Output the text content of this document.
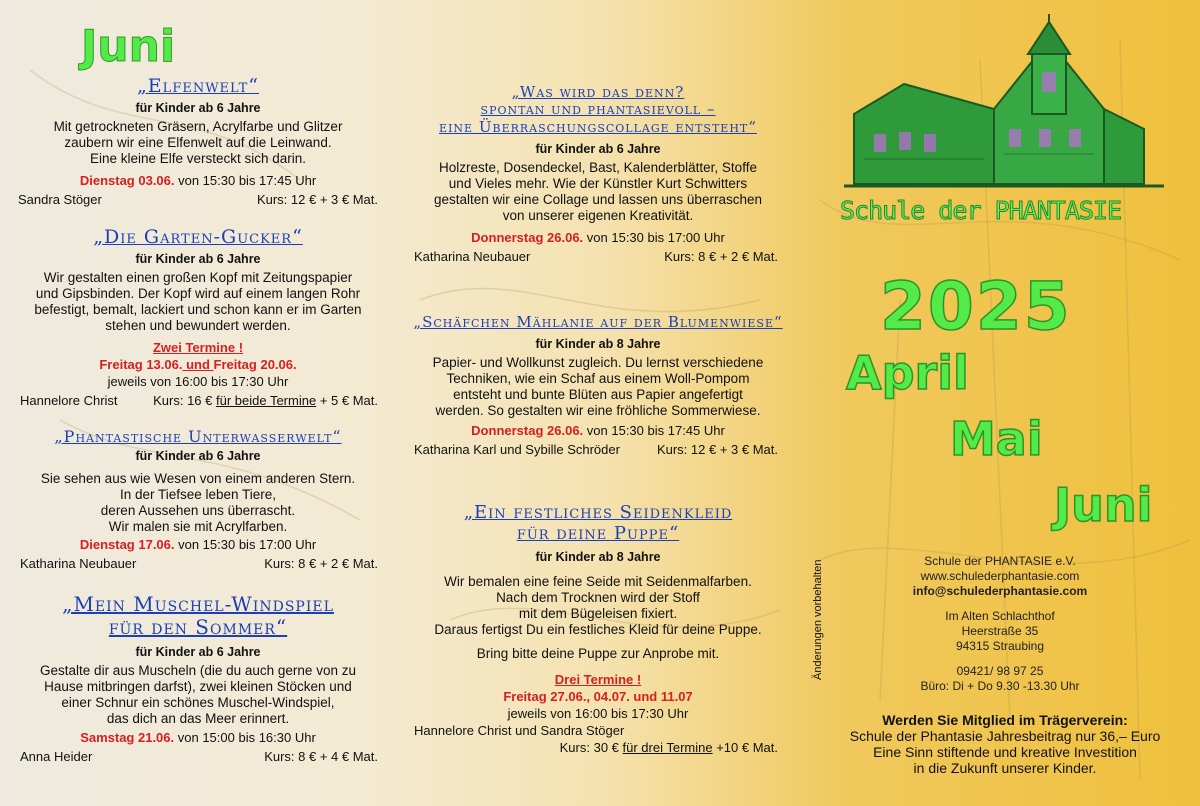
Juni
„Elfenwelt“
für Kinder ab 6 Jahre
Mit getrockneten Gräsern, Acrylfarbe und Glitzer
zaubern wir eine Elfenwelt auf die Leinwand.
Eine kleine Elfe versteckt sich darin.
Dienstag 03.06. von 15:30 bis 17:45 Uhr
Sandra Stöger	Kurs: 12 € + 3 € Mat.
„Die Garten-Gucker“
für Kinder ab 6 Jahre
Wir gestalten einen großen Kopf mit Zeitungspapier
und Gipsbinden. Der Kopf wird auf einem langen Rohr
befestigt, bemalt, lackiert und schon kann er im Garten
stehen und bewundert werden.
Zwei Termine !
Freitag 13.06. und Freitag 20.06.
jeweils von 16:00 bis 17:30 Uhr
Hannelore Christ	Kurs: 16 € für beide Termine + 5 € Mat.
„Phantastische Unterwasserwelt“
für Kinder ab 6 Jahre
Sie sehen aus wie Wesen von einem anderen Stern.
In der Tiefsee leben Tiere,
deren Aussehen uns überrascht.
Wir malen sie mit Acrylfarben.
Dienstag 17.06. von 15:30 bis 17:00 Uhr
Katharina Neubauer	Kurs: 8 € + 2 € Mat.
„Mein Muschel-Windspiel
für den Sommer“
für Kinder ab 6 Jahre
Gestalte dir aus Muscheln (die du auch gerne von zu
Hause mitbringen darfst), zwei kleinen Stöcken und
einer Schnur ein schönes Muschel-Windspiel,
das dich an das Meer erinnert.
Samstag 21.06. von 15:00 bis 16:30 Uhr
Anna Heider	Kurs: 8 € + 4 € Mat.
„Was wird das denn?
spontan und phantasievoll –
eine Überraschungscollage entsteht“
für Kinder ab 6 Jahre
Holzreste, Dosendeckel, Bast, Kalenderblätter, Stoffe
und Vieles mehr. Wie der Künstler Kurt Schwitters
gestalten wir eine Collage und lassen uns überraschen
von unserer eigenen Kreativität.
Donnerstag 26.06. von 15:30 bis 17:00 Uhr
Katharina Neubauer	Kurs: 8 € + 2 € Mat.
„Schäfchen Mählanie auf der Blumenwiese“
für Kinder ab 8 Jahre
Papier- und Wollkunst zugleich. Du lernst verschiedene
Techniken, wie ein Schaf aus einem Woll-Pompom
entsteht und bunte Blüten aus Papier angefertigt
werden. So gestalten wir eine fröhliche Sommerwiese.
Donnerstag 26.06. von 15:30 bis 17:45 Uhr
Katharina Karl und Sybille Schröder	Kurs: 12 € + 3 € Mat.
„Ein festliches Seidenkleid
für deine Puppe“
für Kinder ab 8 Jahre
Wir bemalen eine feine Seide mit Seidenmalfarben.
Nach dem Trocknen wird der Stoff
mit dem Bügeleisen fixiert.
Daraus fertigst Du ein festliches Kleid für deine Puppe.
Bring bitte deine Puppe zur Anprobe mit.
Drei Termine !
Freitag 27.06., 04.07. und 11.07
jeweils von 16:00 bis 17:30 Uhr
Hannelore Christ und Sandra Stöger
Kurs: 30 € für drei Termine +10 € Mat.
Änderungen vorbehalten
Schule der PHANTASIE
2025
April
Mai
Juni
Schule der PHANTASIE e.V.
www.schulederphantasie.com
info@schulederphantasie.com
Im Alten Schlachthof
Heerstraße 35
94315 Straubing
09421/ 98 97 25
Büro: Di + Do 9.30 -13.30 Uhr
Werden Sie Mitglied im Trägerverein:
Schule der Phantasie Jahresbeitrag nur 36,– Euro
Eine Sinn stiftende und kreative Investition
in die Zukunft unserer Kinder.
